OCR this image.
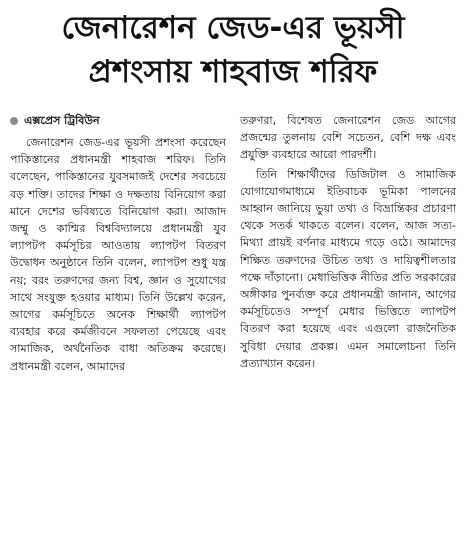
জেনারেশন জেড-এর ভূয়সী
প্রশংসায় শাহবাজ শরিফ
এক্সপ্রেস ট্রিবিউন

জেনারেশন জেড-এর ভূয়সী প্রশংসা করেছেন পাকিস্তানের প্রধানমন্ত্রী শাহবাজ শরিফ। তিনি বলেছেন, পাকিস্তানের যুবসমাজই দেশের সবচেয়ে বড় শক্তি। তাদের শিক্ষা ও দক্ষতায় বিনিয়োগ করা মানে দেশের ভবিষ্যতে বিনিয়োগ করা। আজাদ জম্মু ও কাশ্মির বিশ্ববিদ্যালয়ে প্রধানমন্ত্রী যুব ল্যাপটপ কর্মসূচির আওতায় ল্যাপটপ বিতরণ উদ্বোধন অনুষ্ঠানে তিনি বলেন, ল্যাপটপ শুধু যন্ত্র নয়; বরং তরুণদের জন্য বিশ্ব, জ্ঞান ও সুযোগের সাথে সংযুক্ত হওয়ার মাধ্যম। তিনি উল্লেখ করেন, আগের কর্মসূচিতে অনেক শিক্ষার্থী ল্যাপটপ ব্যবহার করে কর্মজীবনে সফলতা পেয়েছে এবং সামাজিক, অর্থনৈতিক বাধা অতিক্রম করেছে। প্রধানমন্ত্রী বলেন, আমাদের

তরুণরা, বিশেষত জেনারেশন জেড আগের প্রজন্মের তুলনায় বেশি সচেতন, বেশি দক্ষ এবং প্রযুক্তি ব্যবহারে আরো পারদর্শী।

তিনি শিক্ষার্থীদের ডিজিটাল ও সামাজিক যোগাযোগমাধ্যমে ইতিবাচক ভূমিকা পালনের আহ্বান জানিয়ে ভুয়া তথ্য ও বিভ্রান্তিকর প্রচারণা থেকে সতর্ক থাকতে বলেন। বলেন, আজ সত্য-মিথ্যা প্রায়ই বর্ণনার মাধ্যমে গড়ে ওঠে। আমাদের শিক্ষিত তরুণদের উচিত তথ্য ও দায়িত্বশীলতার পক্ষে দাঁড়ানো। মেধাভিত্তিক নীতির প্রতি সরকারের অঙ্গীকার পুনর্ব্যক্ত করে প্রধানমন্ত্রী জানান, আগের কর্মসূচিতেও সম্পূর্ণ মেধার ভিত্তিতে ল্যাপটপ বিতরণ করা হয়েছে এবং এগুলো রাজনৈতিক সুবিধা দেয়ার প্রকল্প। এমন সমালোচনা তিনি প্রত্যাখ্যান করেন।
